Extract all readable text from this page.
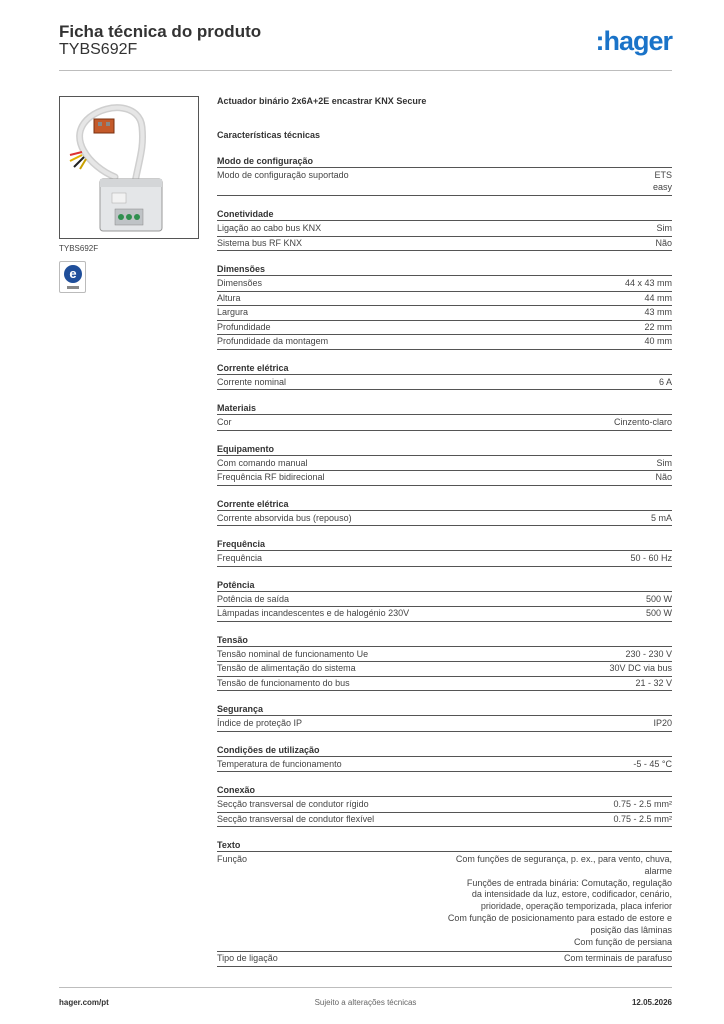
Ficha técnica do produto
TYBS692F	:hager
TYBS692F
e
Actuador binário 2x6A+2E encastrar KNX Secure
Características técnicas
Modo de configuração
Modo de configuração suportado	ETS
easy
Conetividade
Ligação ao cabo bus KNX	Sim
Sistema bus RF KNX	Não
Dimensões
Dimensões	44 x 43 mm
Altura	44 mm
Largura	43 mm
Profundidade	22 mm
Profundidade da montagem	40 mm
Corrente elétrica
Corrente nominal	6 A
Materiais
Cor	Cinzento-claro
Equipamento
Com comando manual	Sim
Frequência RF bidirecional	Não
Corrente elétrica
Corrente absorvida bus (repouso)	5 mA
Frequência
Frequência	50 - 60 Hz
Potência
Potência de saída	500 W
Lâmpadas incandescentes e de halogénio 230V	500 W
Tensão
Tensão nominal de funcionamento Ue	230 - 230 V
Tensão de alimentação do sistema	30V DC via bus
Tensão de funcionamento do bus	21 - 32 V
Segurança
Índice de proteção IP	IP20
Condições de utilização
Temperatura de funcionamento	-5 - 45 °C
Conexão
Secção transversal de condutor rígido	0.75 - 2.5 mm²
Secção transversal de condutor flexível	0.75 - 2.5 mm²
Texto
Função	Com funções de segurança, p. ex., para vento, chuva,
alarme
Funções de entrada binária: Comutação, regulação
da intensidade da luz, estore, codificador, cenário,
prioridade, operação temporizada, placa inferior
Com função de posicionamento para estado de estore e
posição das lâminas
Com função de persiana
Tipo de ligação	Com terminais de parafuso
Sujeito a alterações técnicas
hager.com/pt	12.05.2026
